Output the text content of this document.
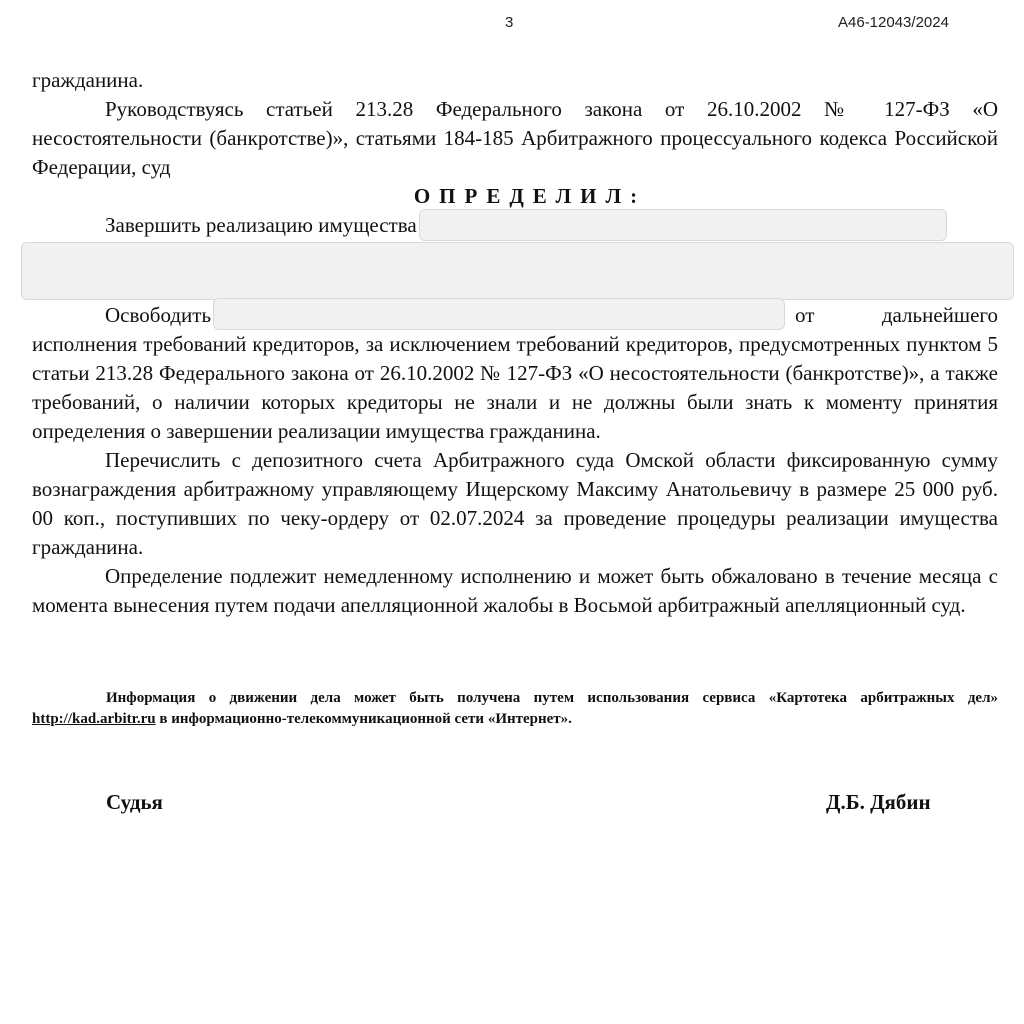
3	А46-12043/2024

гражданина.

Руководствуясь статьей 213.28 Федерального закона от 26.10.2002 № 127-ФЗ «О несостоятельности (банкротстве)», статьями 184-185 Арбитражного процессуального кодекса Российской Федерации, суд

ОПРЕДЕЛИЛ:

Завершить реализацию имущества

Освободить	от	дальнейшего

исполнения требований кредиторов, за исключением требований кредиторов, предусмотренных пунктом 5 статьи 213.28 Федерального закона от 26.10.2002 № 127-ФЗ «О несостоятельности (банкротстве)», а также требований, о наличии которых кредиторы не знали и не должны были знать к моменту принятия определения о завершении реализации имущества гражданина.

Перечислить с депозитного счета Арбитражного суда Омской области фиксированную сумму вознаграждения арбитражному управляющему Ищерскому Максиму Анатольевичу в размере 25 000 руб. 00 коп., поступивших по чеку-ордеру от 02.07.2024 за проведение процедуры реализации имущества гражданина.

Определение подлежит немедленному исполнению и может быть обжаловано в течение месяца с момента вынесения путем подачи апелляционной жалобы в Восьмой арбитражный апелляционный суд.

Информация о движении дела может быть получена путем использования сервиса «Картотека арбитражных дел» http://kad.arbitr.ru в информационно-телекоммуникационной сети «Интернет».
Судья	Д.Б. Дябин
